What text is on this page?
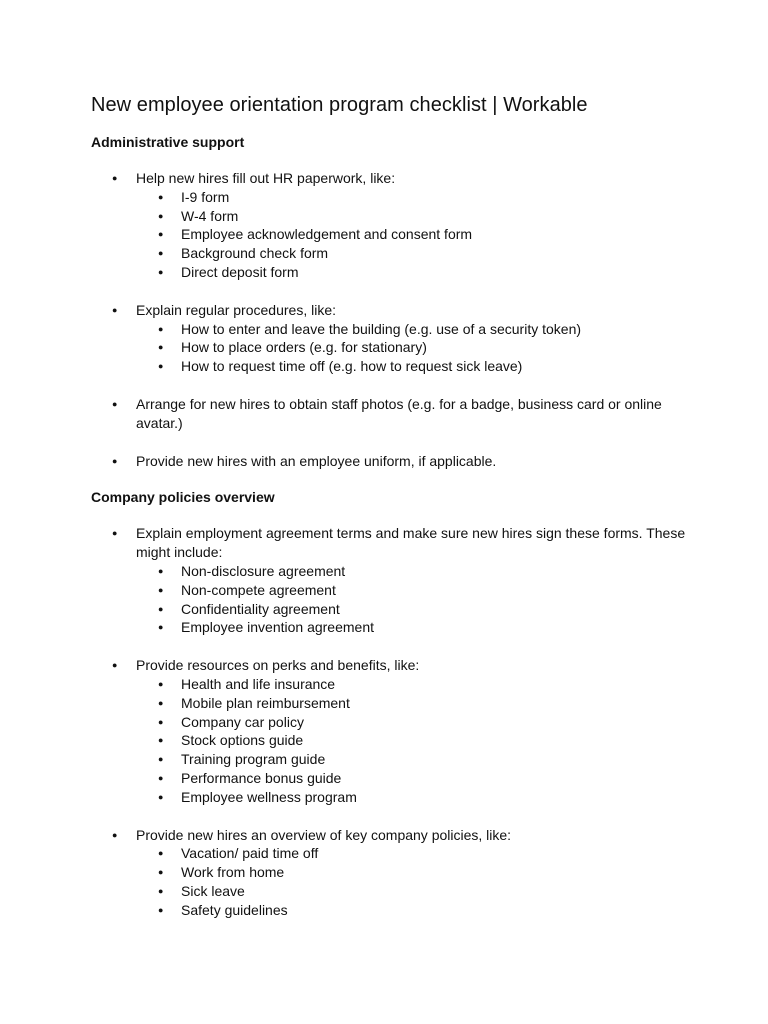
New employee orientation program checklist | Workable
Administrative support
● Help new hires fill out HR paperwork, like:
● I-9 form
● W-4 form
● Employee acknowledgement and consent form
● Background check form
● Direct deposit form
● Explain regular procedures, like:
● How to enter and leave the building (e.g. use of a security token)
● How to place orders (e.g. for stationary)
● How to request time off (e.g. how to request sick leave)
● Arrange for new hires to obtain staff photos (e.g. for a badge, business card or online avatar.)
● Provide new hires with an employee uniform, if applicable.
Company policies overview
● Explain employment agreement terms and make sure new hires sign these forms. These might include:
● Non-disclosure agreement
● Non-compete agreement
● Confidentiality agreement
● Employee invention agreement
● Provide resources on perks and benefits, like:
● Health and life insurance
● Mobile plan reimbursement
● Company car policy
● Stock options guide
● Training program guide
● Performance bonus guide
● Employee wellness program
● Provide new hires an overview of key company policies, like:
● Vacation/ paid time off
● Work from home
● Sick leave
● Safety guidelines
